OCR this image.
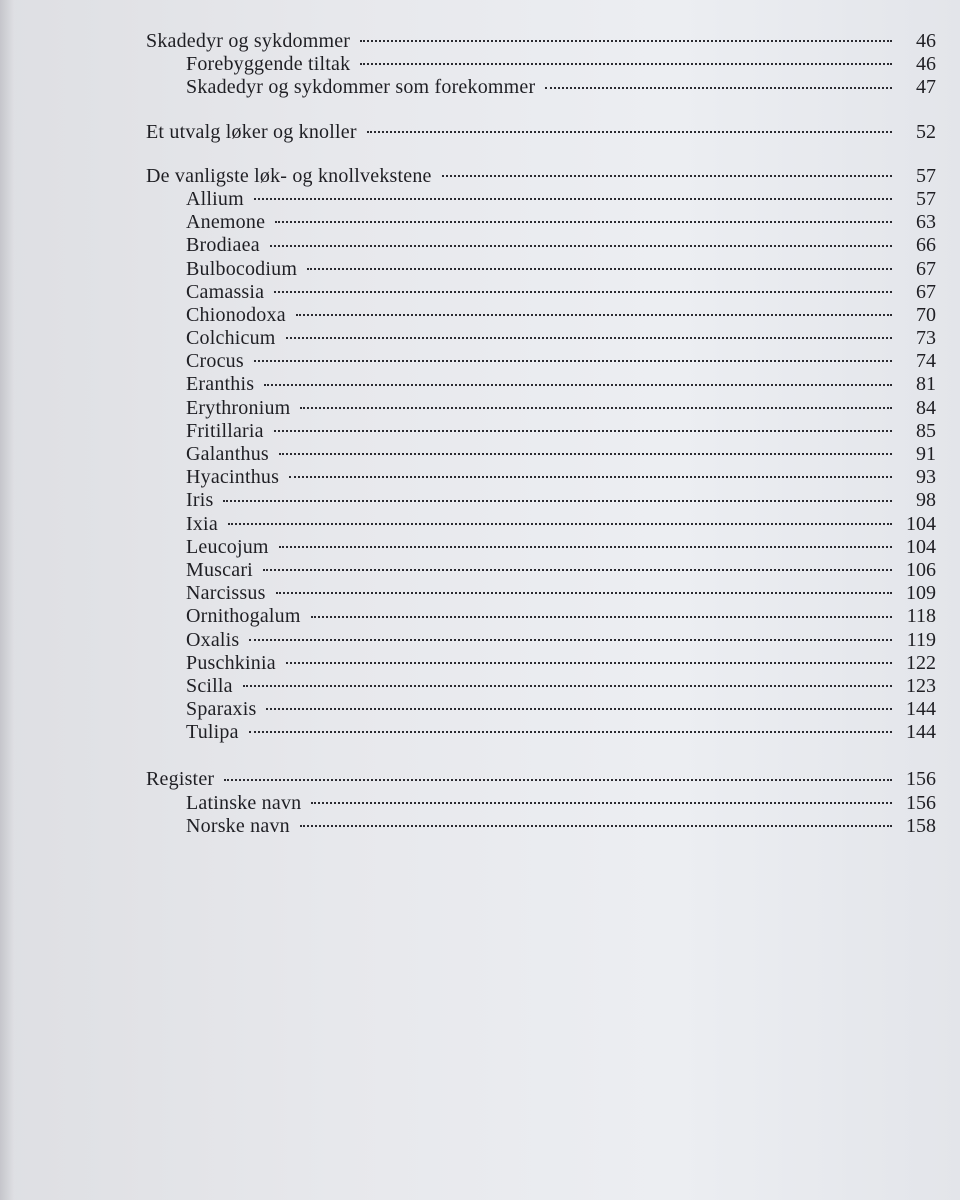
Skadedyr og sykdommer	46
Forebyggende tiltak	46
Skadedyr og sykdommer som forekommer	47
Et utvalg løker og knoller	52
De vanligste løk- og knollvekstene	57
Allium	57
Anemone	63
Brodiaea	66
Bulbocodium	67
Camassia	67
Chionodoxa	70
Colchicum	73
Crocus	74
Eranthis	81
Erythronium	84
Fritillaria	85
Galanthus	91
Hyacinthus	93
Iris	98
Ixia	104
Leucojum	104
Muscari	106
Narcissus	109
Ornithogalum	118
Oxalis	119
Puschkinia	122
Scilla	123
Sparaxis	144
Tulipa	144
Register	156
Latinske navn	156
Norske navn	158
